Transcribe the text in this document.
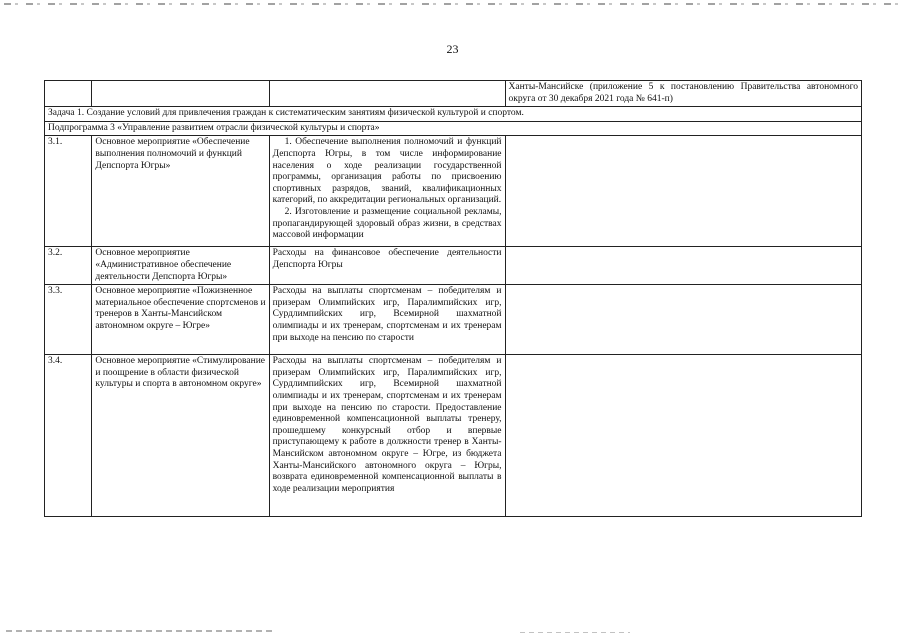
23
			Ханты-Мансийске (приложение 5 к постановлению Правительства автономного округа от 30 декабря 2021 года № 641-п)
Задача 1. Создание условий для привлечения граждан к систематическим занятиям физической культурой и спортом.			
Подпрограмма 3 «Управление развитием отрасли физической культуры и спорта»			
3.1.	Основное мероприятие «Обеспечение выполнения полномочий и функций Депспорта Югры»	1. Обеспечение выполнения полномочий и функций Депспорта Югры, в том числе информирование населения о ходе реализации государственной программы, организация работы по присвоению спортивных разрядов, званий, квалификационных категорий, по аккредитации региональных организаций.

2. Изготовление и размещение социальной рекламы, пропагандирующей здоровый образ жизни, в средствах массовой информации	

3.2.	Основное мероприятие «Административное обеспечение деятельности Депспорта Югры»	Расходы на финансовое обеспечение деятельности Депспорта Югры	
3.3.	Основное мероприятие «Пожизненное материальное обеспечение спортсменов и тренеров в Ханты-Мансийском автономном округе – Югре»	Расходы на выплаты спортсменам – победителям и призерам Олимпийских игр, Паралимпийских игр, Сурдлимпийских игр, Всемирной шахматной олимпиады и их тренерам, спортсменам и их тренерам при выходе на пенсию по старости	
3.4.	Основное мероприятие «Стимулирование и поощрение в области физической культуры и спорта в автономном округе»	Расходы на выплаты спортсменам – победителям и призерам Олимпийских игр, Паралимпийских игр, Сурдлимпийских игр, Всемирной шахматной олимпиады и их тренерам, спортсменам и их тренерам при выходе на пенсию по старости. Предоставление единовременной компенсационной выплаты тренеру, прошедшему конкурсный отбор и впервые приступающему к работе в должности тренер в Ханты-Мансийском автономном округе – Югре, из бюджета Ханты-Мансийского автономного округа – Югры, возврата единовременной компенсационной выплаты в ходе реализации мероприятия	
